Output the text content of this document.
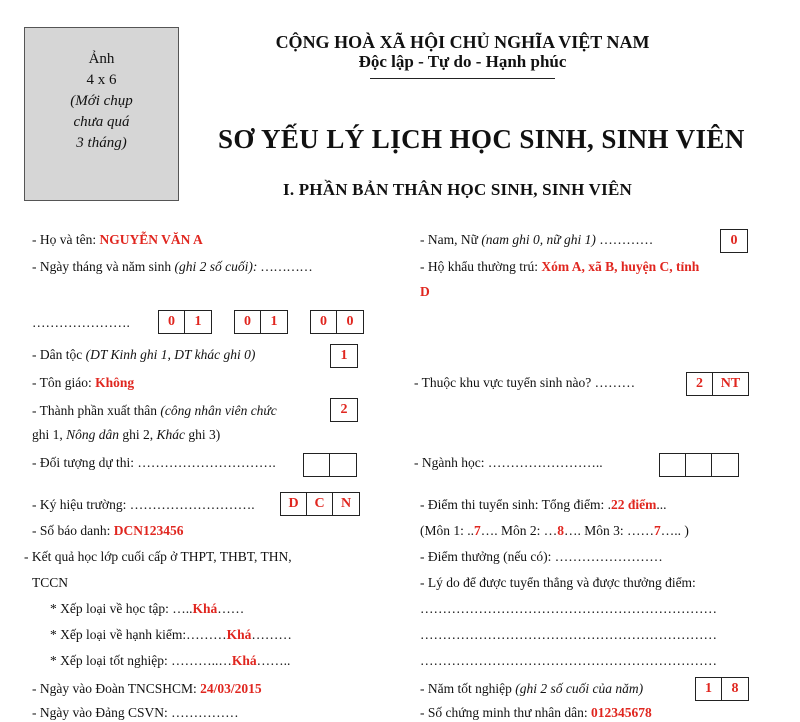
Ảnh
4 x 6
(Mới chụp
chưa quá
3 tháng)
CỘNG HOÀ XÃ HỘI CHỦ NGHĨA VIỆT NAM
Độc lập - Tự do - Hạnh phúc
SƠ YẾU LÝ LỊCH HỌC SINH, SINH VIÊN
I. PHẦN BẢN THÂN HỌC SINH, SINH VIÊN
- Họ và tên: NGUYỄN VĂN A
- Ngày tháng và năm sinh (ghi 2 số cuối): …………
………………….	0	1	0	1	0	0
- Dân tộc (DT Kinh ghi 1, DT khác ghi 0)	1
- Tôn giáo: Không
- Thành phần xuất thân (công nhân viên chức
ghi 1, Nông dân ghi 2, Khác ghi 3)
2
- Đối tượng dự thi: ………………………….
- Ký hiệu trường: ……………………….	D	C	N
- Số báo danh: DCN123456
- Kết quả học lớp cuối cấp ở THPT, THBT, THN,
TCCN
* Xếp loại về học tập: …..Khá……
* Xếp loại về hạnh kiểm:………Khá………
* Xếp loại tốt nghiệp: ………..…Khá……..
- Ngày vào Đoàn TNCSHCM: 24/03/2015
- Ngày vào Đảng CSVN: ……………
- Nam, Nữ (nam ghi 0, nữ ghi 1) …………	0
- Hộ khẩu thường trú: Xóm A, xã B, huyện C, tỉnh
D
- Thuộc khu vực tuyển sinh nào? ………	2	NT
- Ngành học: ……………………..
- Điểm thi tuyển sinh: Tổng điểm: .22 điểm...
(Môn 1: ..7…. Môn 2: …8…. Môn 3: ……7….. )
- Điểm thưởng (nếu có): ……………………
- Lý do để được tuyển thẳng và được thưởng điểm:
…………………………………………………………
…………………………………………………………
…………………………………………………………
- Năm tốt nghiệp (ghi 2 số cuối của năm)	1	8
- Số chứng minh thư nhân dân: 012345678
